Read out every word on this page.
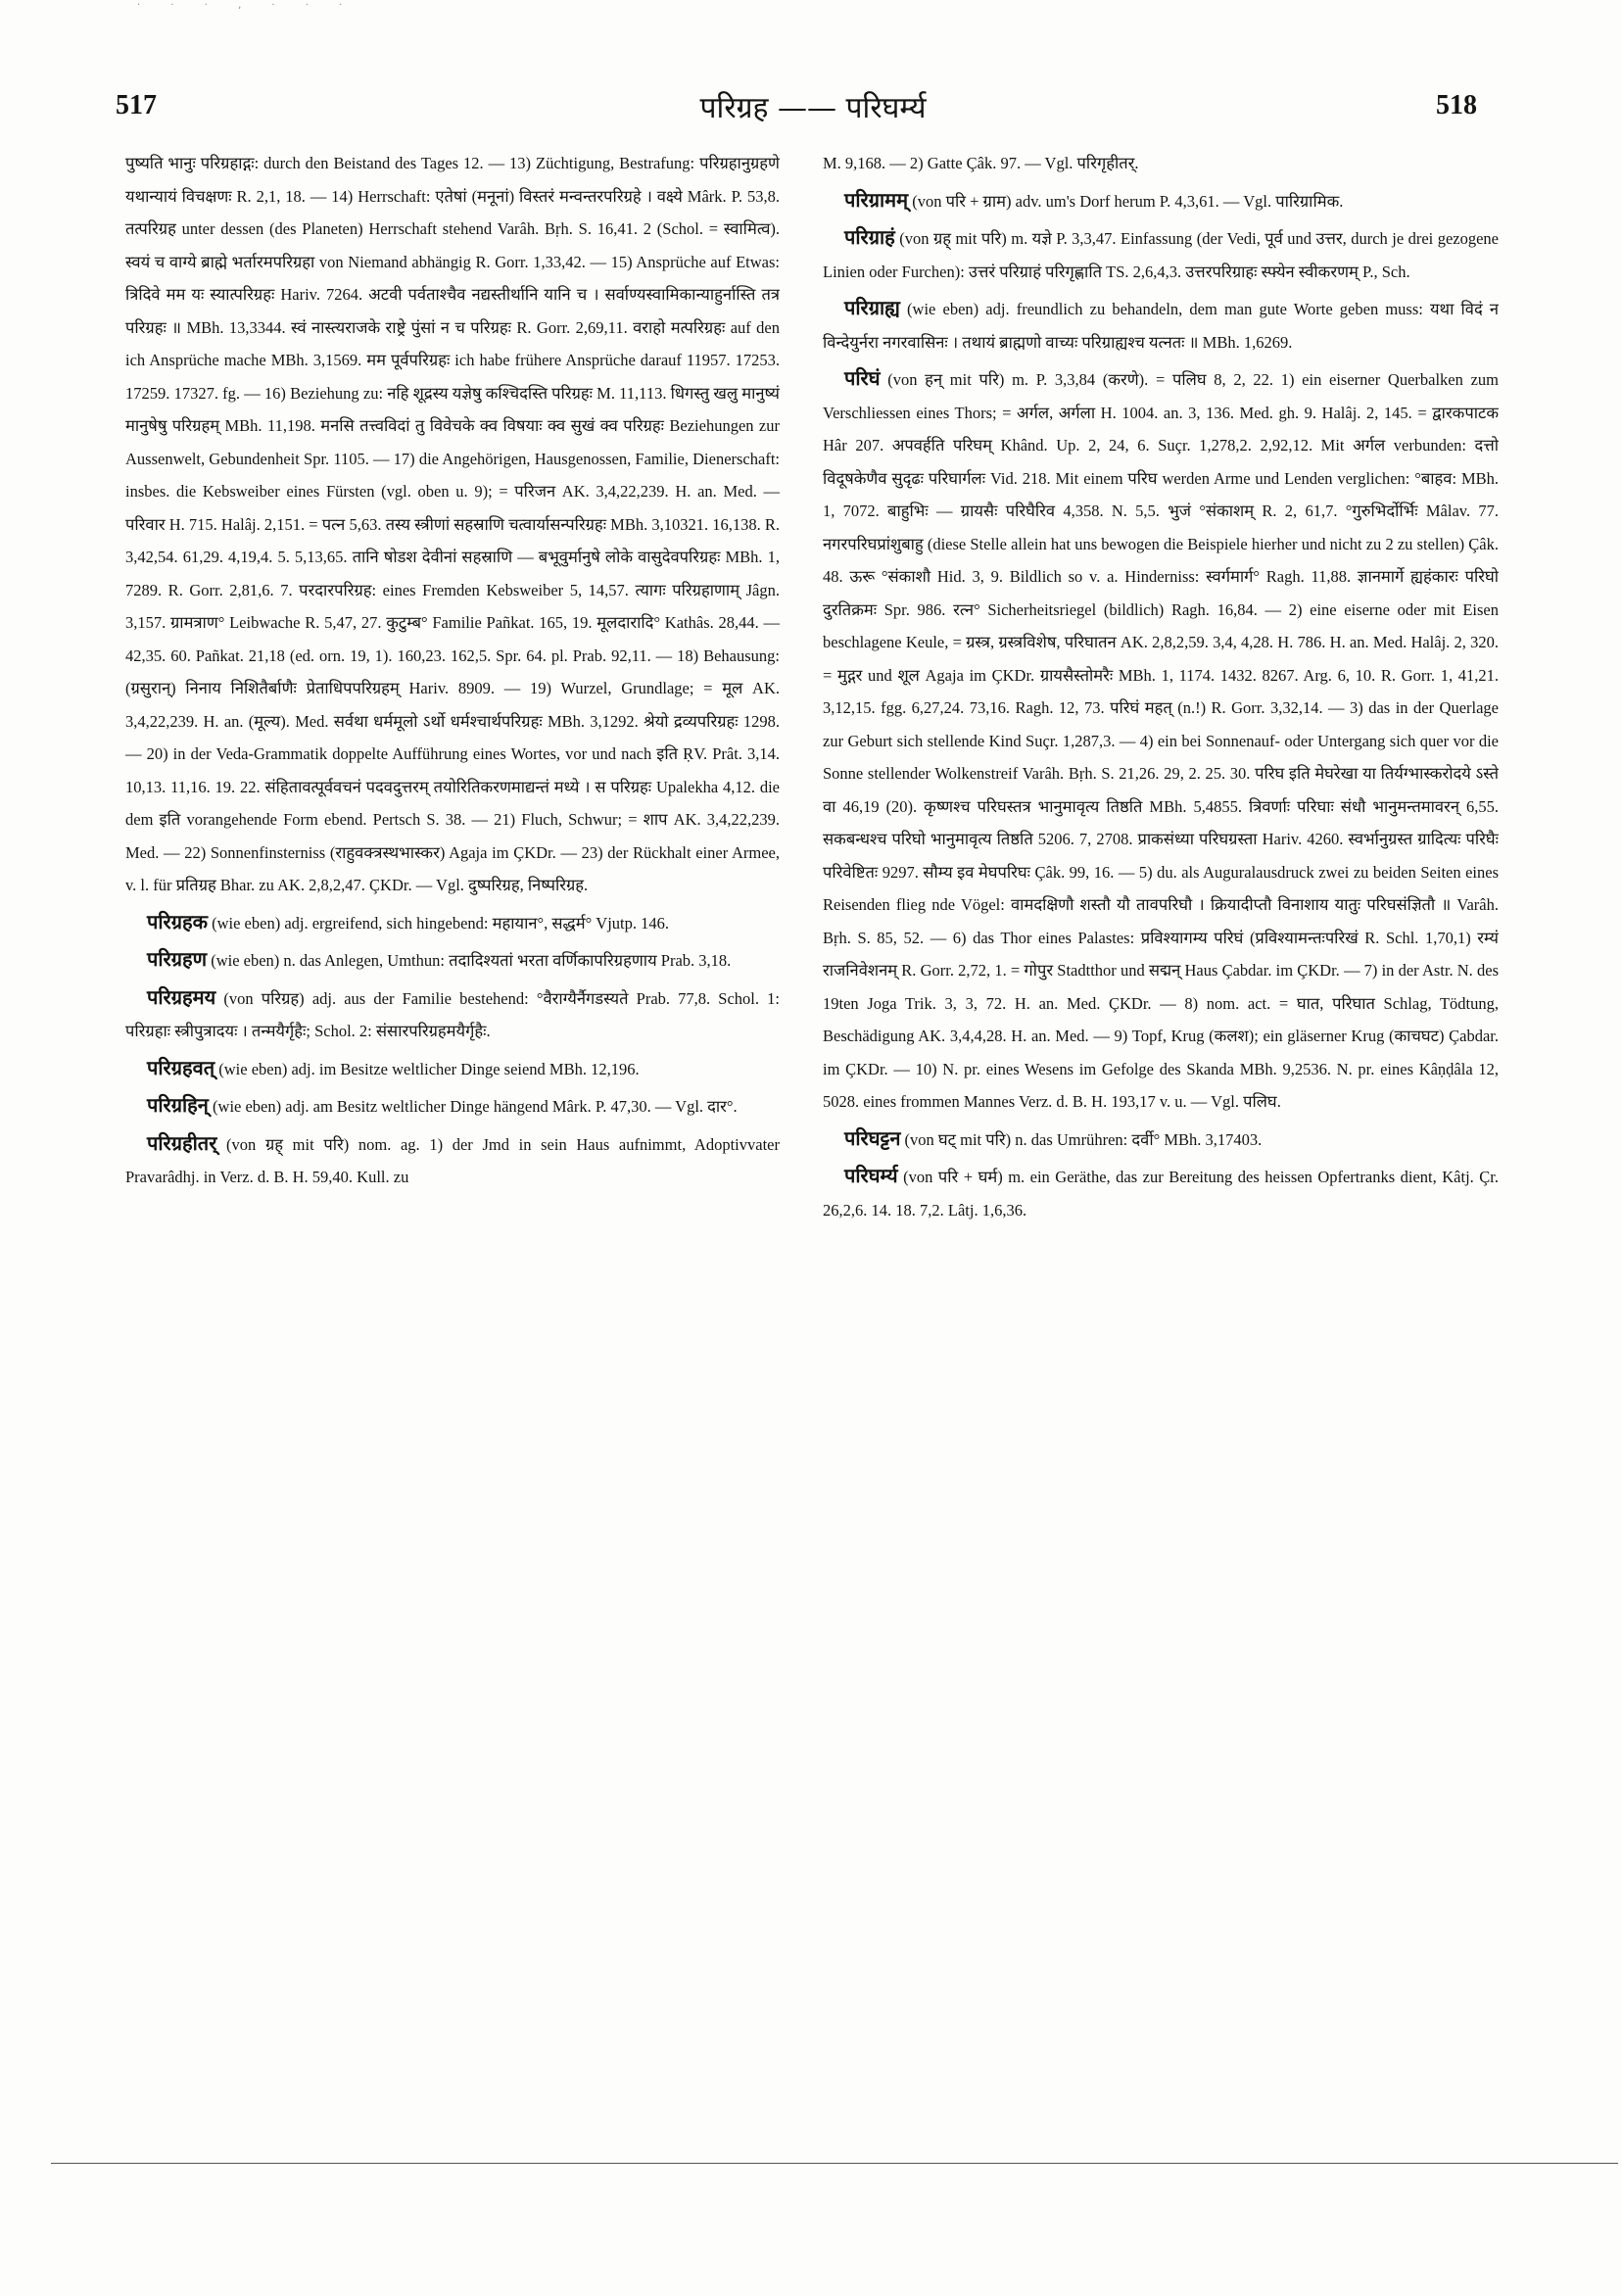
· · · , · · ·
517	परिग्रह —— परिघर्म्य	518

पुष्यति भानुः परिग्रहाद्गः: durch den Beistand des Tages 12. — 13) Züchtigung, Bestrafung: परिग्रहानुग्रहणे यथान्यायं विचक्षणः R. 2,1, 18. — 14) Herrschaft: एतेषां (मनूनां) विस्तरं मन्वन्तरपरिग्रहे । वक्ष्ये Mârk. P. 53,8. तत्परिग्रह unter dessen (des Planeten) Herrschaft stehend Varâh. Bṛh. S. 16,41. 2 (Schol. = स्वामित्व). स्वयं च वाग्ये ब्राह्मे भर्तारमपरिग्रहा von Niemand abhängig R. Gorr. 1,33,42. — 15) Ansprüche auf Etwas: त्रिदिवे मम यः स्यात्परिग्रहः Hariv. 7264. अटवी पर्वताश्चैव नद्यस्तीर्थानि यानि च । सर्वाण्यस्वामिकान्याहुर्नास्ति तत्र परिग्रहः ॥ MBh. 13,3344. स्वं नास्त्यराजके राष्ट्रे पुंसां न च परिग्रहः R. Gorr. 2,69,11. वराहो मत्परिग्रहः auf den ich Ansprüche mache MBh. 3,1569. मम पूर्वपरिग्रहः ich habe frühere Ansprüche darauf 11957. 17253. 17259. 17327. fg. — 16) Beziehung zu: नहि शूद्रस्य यज्ञेषु कश्चिदस्ति परिग्रहः M. 11,113. धिगस्तु खलु मानुष्यं मानुषेषु परिग्रहम् MBh. 11,198. मनसि तत्त्वविदां तु विवेचके क्व विषयाः क्व सुखं क्व परिग्रहः Beziehungen zur Aussenwelt, Gebundenheit Spr. 1105. — 17) die Angehörigen, Hausgenossen, Familie, Dienerschaft: insbes. die Kebsweiber eines Fürsten (vgl. oben u. 9); = परिजन AK. 3,4,22,239. H. an. Med. — परिवार H. 715. Halâj. 2,151. = पत्न 5,63. तस्य स्त्रीणां सहस्राणि चत्वार्यासन्परिग्रहः MBh. 3,10321. 16,138. R. 3,42,54. 61,29. 4,19,4. 5. 5,13,65. तानि षोडश देवीनां सहस्राणि — बभूवुर्मानुषे लोके वासुदेवपरिग्रहः MBh. 1, 7289. R. Gorr. 2,81,6. 7. परदारपरिग्रह: eines Fremden Kebsweiber 5, 14,57. त्यागः परिग्रहाणाम् Jâgn. 3,157. ग्रामत्राण° Leibwache R. 5,47, 27. कुटुम्ब° Familie Pañkat. 165, 19. मूलदारादि° Kathâs. 28,44. — 42,35. 60. Pañkat. 21,18 (ed. orn. 19, 1). 160,23. 162,5. Spr. 64. pl. Prab. 92,11. — 18) Behausung: (ग्रसुरान्) निनाय निशितैर्बाणैः प्रेताधिपपरिग्रहम् Hariv. 8909. — 19) Wurzel, Grundlage; = मूल AK. 3,4,22,239. H. an. (मूल्य). Med. सर्वथा धर्ममूलो ऽर्थो धर्मश्चार्थपरिग्रहः MBh. 3,1292. श्रेयो द्रव्यपरिग्रहः 1298. — 20) in der Veda-Grammatik doppelte Aufführung eines Wortes, vor und nach इति ṚV. Prât. 3,14. 10,13. 11,16. 19. 22. संहितावत्पूर्ववचनं पदवदुत्तरम् तयोरितिकरणमाद्यन्तं मध्ये । स परिग्रहः Upalekha 4,12. die dem इति vorangehende Form ebend. Pertsch S. 38. — 21) Fluch, Schwur; = शाप AK. 3,4,22,239. Med. — 22) Sonnenfinsterniss (राहुवक्त्रस्थभास्कर) Agaja im ÇKDr. — 23) der Rückhalt einer Armee, v. l. für प्रतिग्रह Bhar. zu AK. 2,8,2,47. ÇKDr. — Vgl. दुष्परिग्रह, निष्परिग्रह.

परिग्रहक (wie eben) adj. ergreifend, sich hingebend: महायान°, सद्धर्म° Vjutp. 146.

परिग्रहण (wie eben) n. das Anlegen, Umthun: तदादिश्यतां भरता वर्णिकापरिग्रहणाय Prab. 3,18.

परिग्रहमय (von परिग्रह) adj. aus der Familie bestehend: °वैराग्यैर्नैगडस्यते Prab. 77,8. Schol. 1: परिग्रहाः स्त्रीपुत्रादयः । तन्मयैर्गृहैः; Schol. 2: संसारपरिग्रहमयैर्गृहैः.

परिग्रहवत् (wie eben) adj. im Besitze weltlicher Dinge seiend MBh. 12,196.

परिग्रहिन् (wie eben) adj. am Besitz weltlicher Dinge hängend Mârk. P. 47,30. — Vgl. दार°.

परिग्रहीतर् (von ग्रह् mit परि) nom. ag. 1) der Jmd in sein Haus aufnimmt, Adoptivvater Pravarâdhj. in Verz. d. B. H. 59,40. Kull. zu

M. 9,168. — 2) Gatte Çâk. 97. — Vgl. परिगृहीतर्.

परिग्रामम् (von परि + ग्राम) adv. um's Dorf herum P. 4,3,61. — Vgl. पारिग्रामिक.

परिग्राहं (von ग्रह् mit परि) m. यज्ञे P. 3,3,47. Einfassung (der Vedi, पूर्व und उत्तर, durch je drei gezogene Linien oder Furchen): उत्तरं परिग्राहं परिगृह्णाति TS. 2,6,4,3. उत्तरपरिग्राहः स्फ्येन स्वीकरणम् P., Sch.

परिग्राह्य (wie eben) adj. freundlich zu behandeln, dem man gute Worte geben muss: यथा विदं न विन्देयुर्नरा नगरवासिनः । तथायं ब्राह्मणो वाच्यः परिग्राह्यश्च यत्नतः ॥ MBh. 1,6269.

परिघं (von हन् mit परि) m. P. 3,3,84 (करणे). = पलिघ 8, 2, 22. 1) ein eiserner Querbalken zum Verschliessen eines Thors; = अर्गल, अर्गला H. 1004. an. 3, 136. Med. gh. 9. Halâj. 2, 145. = द्वारकपाटक Hâr 207. अपवर्हति परिघम् Khând. Up. 2, 24, 6. Suçr. 1,278,2. 2,92,12. Mit अर्गल verbunden: दत्तो विदूषकेणैव सुदृढः परिघार्गलः Vid. 218. Mit einem परिघ werden Arme und Lenden verglichen: °बाहव: MBh. 1, 7072. बाहुभिः — ग्रायसैः परिघैरिव 4,358. N. 5,5. भुजं °संकाशम् R. 2, 61,7. °गुरुभिर्दोर्भिः Mâlav. 77. नगरपरिघप्रांशुबाहु (diese Stelle allein hat uns bewogen die Beispiele hierher und nicht zu 2 zu stellen) Çâk. 48. ऊरू °संकाशौ Hid. 3, 9. Bildlich so v. a. Hinderniss: स्वर्गमार्ग° Ragh. 11,88. ज्ञानमार्गे ह्यहंकारः परिघो दुरतिक्रमः Spr. 986. रत्न° Sicherheitsriegel (bildlich) Ragh. 16,84. — 2) eine eiserne oder mit Eisen beschlagene Keule, = ग्रस्त्र, ग्रस्त्रविशेष, परिघातन AK. 2,8,2,59. 3,4, 4,28. H. 786. H. an. Med. Halâj. 2, 320. = मुद्गर und शूल Agaja im ÇKDr. ग्रायसैस्तोमरैः MBh. 1, 1174. 1432. 8267. Arg. 6, 10. R. Gorr. 1, 41,21. 3,12,15. fgg. 6,27,24. 73,16. Ragh. 12, 73. परिघं महत् (n.!) R. Gorr. 3,32,14. — 3) das in der Querlage zur Geburt sich stellende Kind Suçr. 1,287,3. — 4) ein bei Sonnenauf- oder Untergang sich quer vor die Sonne stellender Wolkenstreif Varâh. Bṛh. S. 21,26. 29, 2. 25. 30. परिघ इति मेघरेखा या तिर्यग्भास्करोदये ऽस्ते वा 46,19 (20). कृष्णश्च परिघस्तत्र भानुमावृत्य तिष्ठति MBh. 5,4855. त्रिवर्णाः परिघाः संधौ भानुमन्तमावरन् 6,55. सकबन्धश्च परिघो भानुमावृत्य तिष्ठति 5206. 7, 2708. प्राकसंध्या परिघग्रस्ता Hariv. 4260. स्वर्भानुग्रस्त ग्रादित्यः परिघैः परिवेष्टितः 9297. सौम्य इव मेघपरिघः Çâk. 99, 16. — 5) du. als Auguralausdruck zwei zu beiden Seiten eines Reisenden flieg nde Vögel: वामदक्षिणौ शस्तौ यौ तावपरिघौ । क्रियादीप्तौ विनाशाय यातुः परिघसंज्ञितौ ॥ Varâh. Bṛh. S. 85, 52. — 6) das Thor eines Palastes: प्रविश्यागम्य परिघं (प्रविश्यामन्तःपरिखं R. Schl. 1,70,1) रम्यं राजनिवेशनम् R. Gorr. 2,72, 1. = गोपुर Stadtthor und सद्मन् Haus Çabdar. im ÇKDr. — 7) in der Astr. N. des 19ten Joga Trik. 3, 3, 72. H. an. Med. ÇKDr. — 8) nom. act. = घात, परिघात Schlag, Tödtung, Beschädigung AK. 3,4,4,28. H. an. Med. — 9) Topf, Krug (कलश); ein gläserner Krug (काचघट) Çabdar. im ÇKDr. — 10) N. pr. eines Wesens im Gefolge des Skanda MBh. 9,2536. N. pr. eines Kâṇḍâla 12, 5028. eines frommen Mannes Verz. d. B. H. 193,17 v. u. — Vgl. पलिघ.

परिघट्टन (von घट् mit परि) n. das Umrühren: दर्वी° MBh. 3,17403.

परिघर्म्य (von परि + घर्म) m. ein Geräthe, das zur Bereitung des heissen Opfertranks dient, Kâtj. Çr. 26,2,6. 14. 18. 7,2. Lâtj. 1,6,36.
